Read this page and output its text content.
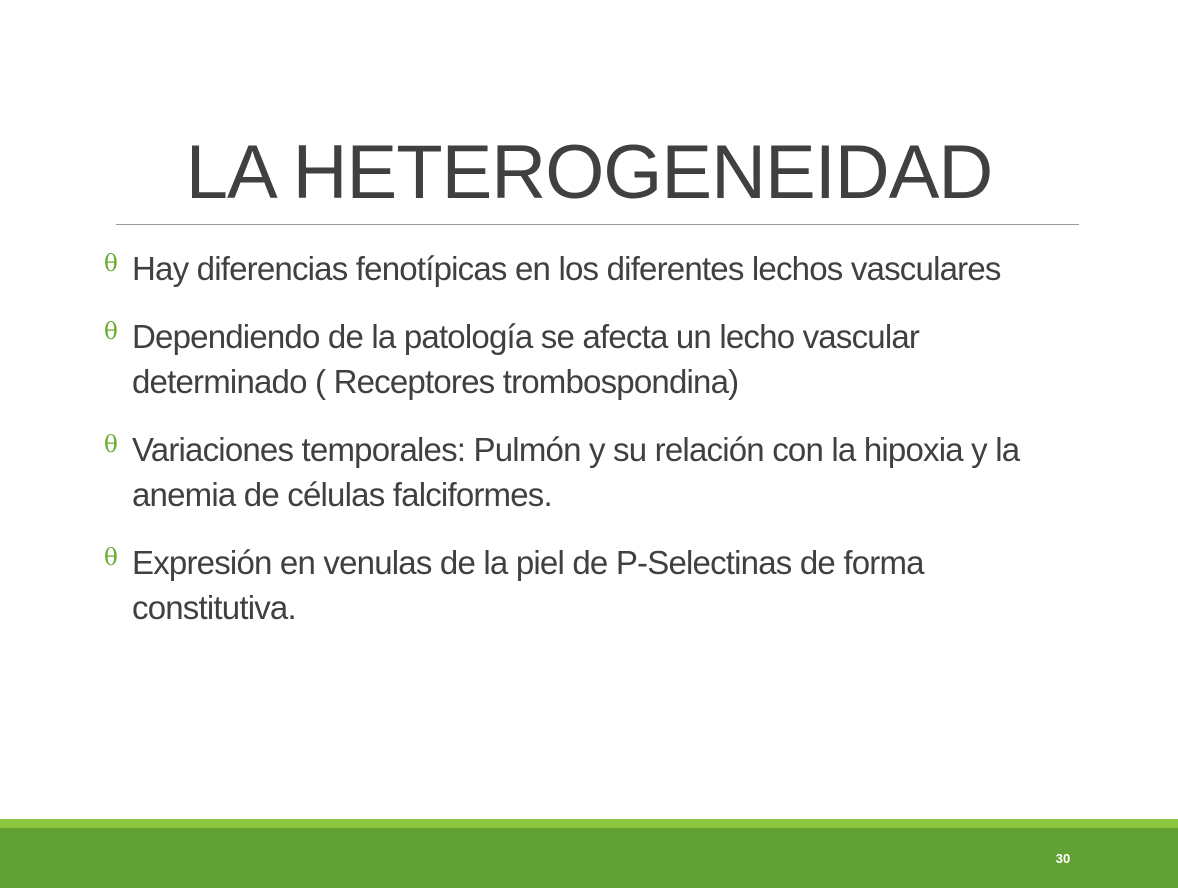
LA HETEROGENEIDAD
θ Hay diferencias fenotípicas en los diferentes lechos vasculares
θ Dependiendo de la patología se afecta un lecho vascular determinado ( Receptores trombospondina)
θ Variaciones temporales: Pulmón y su relación con la hipoxia y la anemia de células falciformes.
θ Expresión en venulas de la piel de P-Selectinas de forma constitutiva.
30
